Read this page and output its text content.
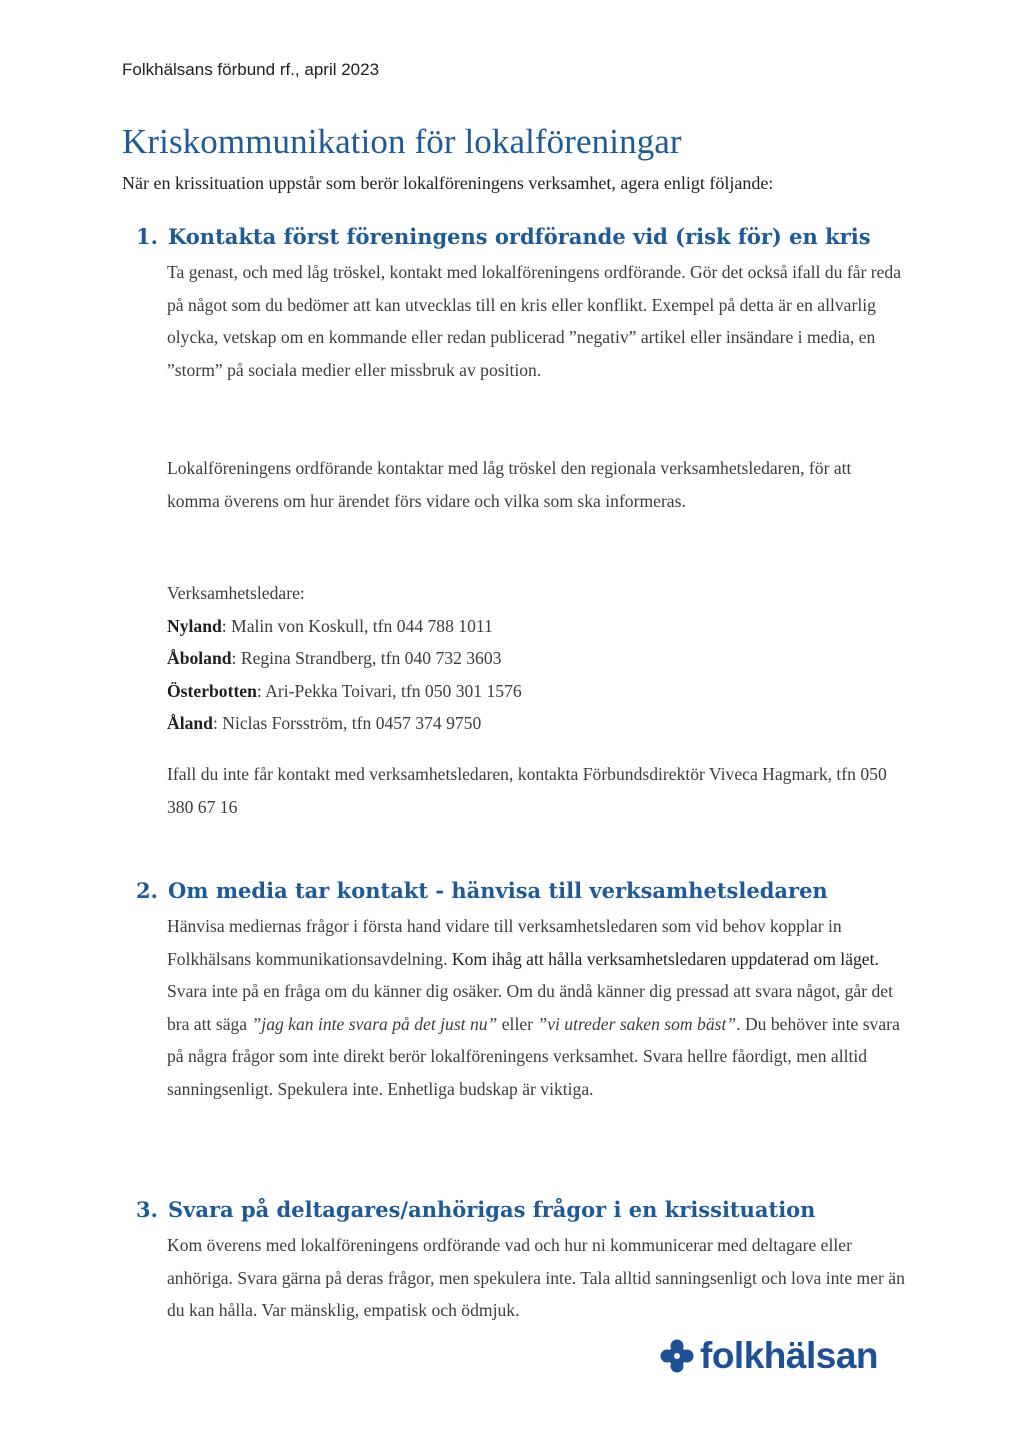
Folkhälsans förbund rf., april 2023
Kriskommunikation för lokalföreningar
När en krissituation uppstår som berör lokalföreningens verksamhet, agera enligt följande:
1. Kontakta först föreningens ordförande vid (risk för) en kris

Ta genast, och med låg tröskel, kontakt med lokalföreningens ordförande. Gör det också ifall du får reda på något som du bedömer att kan utvecklas till en kris eller konflikt. Exempel på detta är en allvarlig olycka, vetskap om en kommande eller redan publicerad ”negativ” artikel eller insändare i media, en ”storm” på sociala medier eller missbruk av position.

Lokalföreningens ordförande kontaktar med låg tröskel den regionala verksamhetsledaren, för att komma överens om hur ärendet förs vidare och vilka som ska informeras.

Verksamhetsledare:
Nyland: Malin von Koskull, tfn 044 788 1011
Åboland: Regina Strandberg, tfn 040 732 3603
Österbotten: Ari-Pekka Toivari, tfn 050 301 1576
Åland: Niclas Forsström, tfn 0457 374 9750

Ifall du inte får kontakt med verksamhetsledaren, kontakta Förbundsdirektör Viveca Hagmark, tfn 050 380 67 16

2. Om media tar kontakt - hänvisa till verksamhetsledaren

Hänvisa mediernas frågor i första hand vidare till verksamhetsledaren som vid behov kopplar in Folkhälsans kommunikationsavdelning. Kom ihåg att hålla verksamhetsledaren uppdaterad om läget. Svara inte på en fråga om du känner dig osäker. Om du ändå känner dig pressad att svara något, går det bra att säga ”jag kan inte svara på det just nu” eller ”vi utreder saken som bäst”. Du behöver inte svara på några frågor som inte direkt berör lokalföreningens verksamhet. Svara hellre fåordigt, men alltid sanningsenligt. Spekulera inte. Enhetliga budskap är viktiga.

3. Svara på deltagares/anhörigas frågor i en krissituation

Kom överens med lokalföreningens ordförande vad och hur ni kommunicerar med deltagare eller anhöriga. Svara gärna på deras frågor, men spekulera inte. Tala alltid sanningsenligt och lova inte mer än du kan hålla. Var mänsklig, empatisk och ödmjuk.

folkhälsan
